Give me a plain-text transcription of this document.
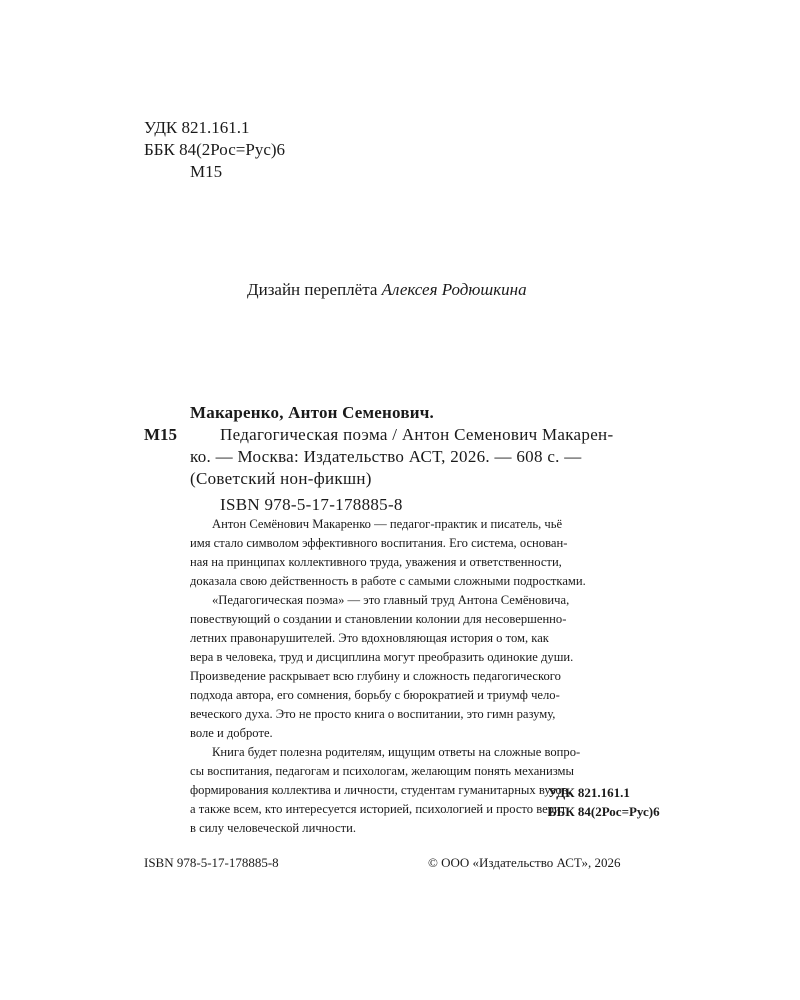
УДК 821.161.1
ББК 84(2Рос=Рус)6
М15
Дизайн переплёта Алексея Родюшкина
Макаренко, Антон Семенович.
М15	Педагогическая поэма / Антон Семенович Макарен-
ко. — Москва: Издательство АСТ, 2026. — 608 с. —
(Советский нон-фикшн)
ISBN 978-5-17-178885-8
Антон Семёнович Макаренко — педагог-практик и писатель, чьё
имя стало символом эффективного воспитания. Его система, основан-
ная на принципах коллективного труда, уважения и ответственности,
доказала свою действенность в работе с самыми сложными подростками.
«Педагогическая поэма» — это главный труд Антона Семёновича,
повествующий о создании и становлении колонии для несовершенно-
летних правонарушителей. Это вдохновляющая история о том, как
вера в человека, труд и дисциплина могут преобразить одинокие души.
Произведение раскрывает всю глубину и сложность педагогического
подхода автора, его сомнения, борьбу с бюрократией и триумф чело-
веческого духа. Это не просто книга о воспитании, это гимн разуму,
воле и доброте.
Книга будет полезна родителям, ищущим ответы на сложные вопро-
сы воспитания, педагогам и психологам, желающим понять механизмы
формирования коллектива и личности, студентам гуманитарных вузов,
а также всем, кто интересуется историей, психологией и просто верит
в силу человеческой личности.
УДК 821.161.1
ББК 84(2Рос=Рус)6
ISBN 978-5-17-178885-8	© ООО «Издательство АСТ», 2026
